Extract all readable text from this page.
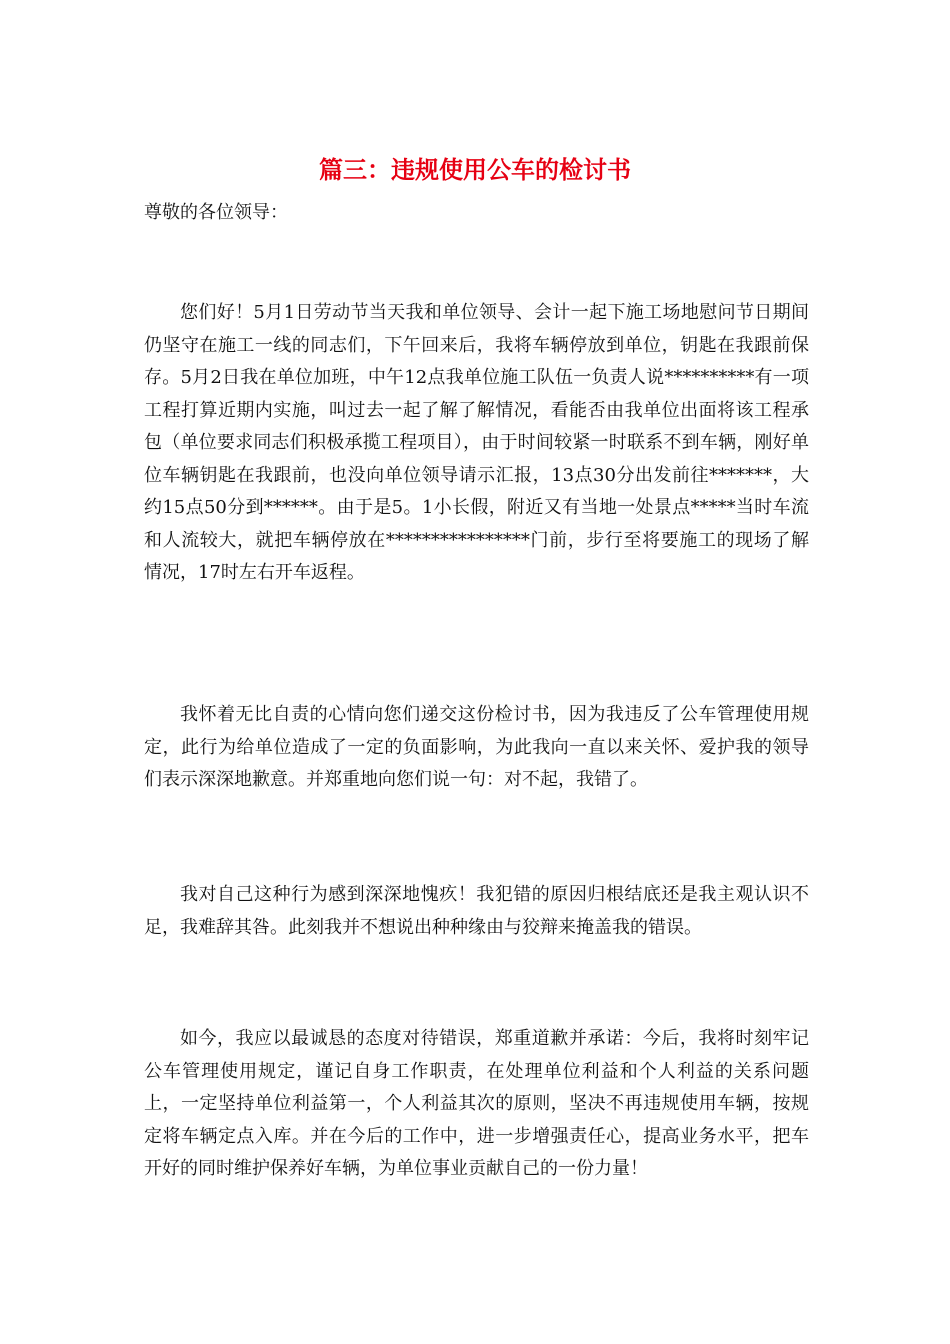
篇三：违规使用公车的检讨书

尊敬的各位领导：

您们好！5月1日劳动节当天我和单位领导、会计一起下施工场地慰问节日期间仍坚守在施工一线的同志们，下午回来后，我将车辆停放到单位，钥匙在我跟前保存。5月2日我在单位加班，中午12点我单位施工队伍一负责人说**********有一项工程打算近期内实施，叫过去一起了解了解情况，看能否由我单位出面将该工程承包（单位要求同志们积极承揽工程项目），由于时间较紧一时联系不到车辆，刚好单位车辆钥匙在我跟前，也没向单位领导请示汇报，13点30分出发前往*******，大约15点50分到******。由于是5。1小长假，附近又有当地一处景点*****当时车流和人流较大，就把车辆停放在****************门前，步行至将要施工的现场了解情况，17时左右开车返程。

我怀着无比自责的心情向您们递交这份检讨书，因为我违反了公车管理使用规定，此行为给单位造成了一定的负面影响，为此我向一直以来关怀、爱护我的领导们表示深深地歉意。并郑重地向您们说一句：对不起，我错了。

我对自己这种行为感到深深地愧疚！我犯错的原因归根结底还是我主观认识不足，我难辞其咎。此刻我并不想说出种种缘由与狡辩来掩盖我的错误。

如今，我应以最诚恳的态度对待错误，郑重道歉并承诺：今后，我将时刻牢记公车管理使用规定，谨记自身工作职责，在处理单位利益和个人利益的关系问题上，一定坚持单位利益第一，个人利益其次的原则，坚决不再违规使用车辆，按规定将车辆定点入库。并在今后的工作中，进一步增强责任心，提高业务水平，把车开好的同时维护保养好车辆，为单位事业贡献自己的一份力量！
